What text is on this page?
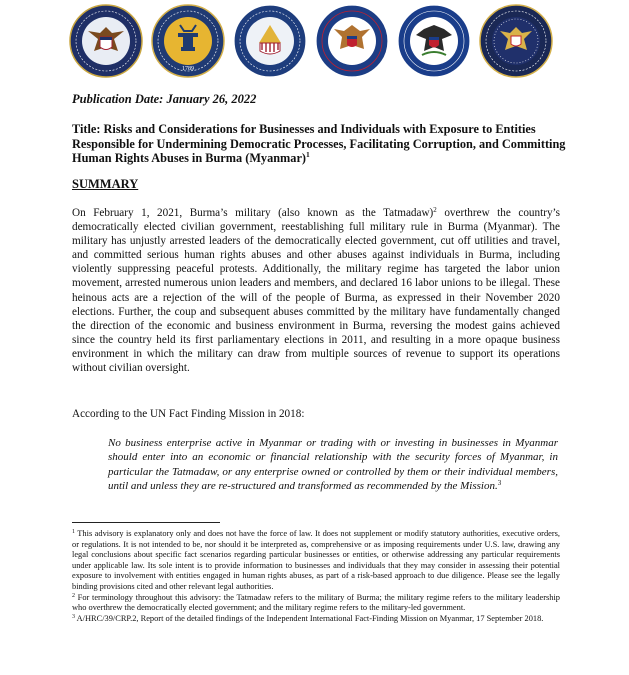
1789
Publication Date: January 26, 2022
Title: Risks and Considerations for Businesses and Individuals with Exposure to Entities Responsible for Undermining Democratic Processes, Facilitating Corruption, and Committing Human Rights Abuses in Burma (Myanmar)$^1$
SUMMARY
On February 1, 2021, Burma’s military (also known as the Tatmadaw)$^2$ overthrew the country’s democratically elected civilian government, reestablishing full military rule in Burma (Myanmar). The military has unjustly arrested leaders of the democratically elected government, cut off utilities and travel, and committed serious human rights abuses and other abuses against individuals in Burma, including violently suppressing peaceful protests. Additionally, the military regime has targeted the labor union movement, arrested numerous union leaders and members, and declared 16 labor unions to be illegal. These heinous acts are a rejection of the will of the people of Burma, as expressed in their November 2020 elections. Further, the coup and subsequent abuses committed by the military have fundamentally changed the direction of the economic and business environment in Burma, reversing the modest gains achieved since the country held its first parliamentary elections in 2011, and resulting in a more opaque business environment in which the military can draw from multiple sources of revenue to support its operations without civilian oversight.
According to the UN Fact Finding Mission in 2018:
No business enterprise active in Myanmar or trading with or investing in businesses in Myanmar should enter into an economic or financial relationship with the security forces of Myanmar, in particular the Tatmadaw, or any enterprise owned or controlled by them or their individual members, until and unless they are re-structured and transformed as recommended by the Mission.$^3$

$^1$ This advisory is explanatory only and does not have the force of law. It does not supplement or modify statutory authorities, executive orders, or regulations. It is not intended to be, nor should it be interpreted as, comprehensive or as imposing requirements under U.S. law, drawing any legal conclusions about specific fact scenarios regarding particular businesses or entities, or otherwise addressing any particular requirements under applicable law. Its sole intent is to provide information to businesses and individuals that they may consider in assessing their potential exposure to involvement with entities engaged in human rights abuses, as part of a risk-based approach to due diligence. Please see the legally binding provisions cited and other relevant legal authorities.

$^2$ For terminology throughout this advisory: the Tatmadaw refers to the military of Burma; the military regime refers to the military leadership who overthrew the democratically elected government; and the military regime refers to the military-led government.

$^3$ A/HRC/39/CRP.2, Report of the detailed findings of the Independent International Fact-Finding Mission on Myanmar, 17 September 2018.
